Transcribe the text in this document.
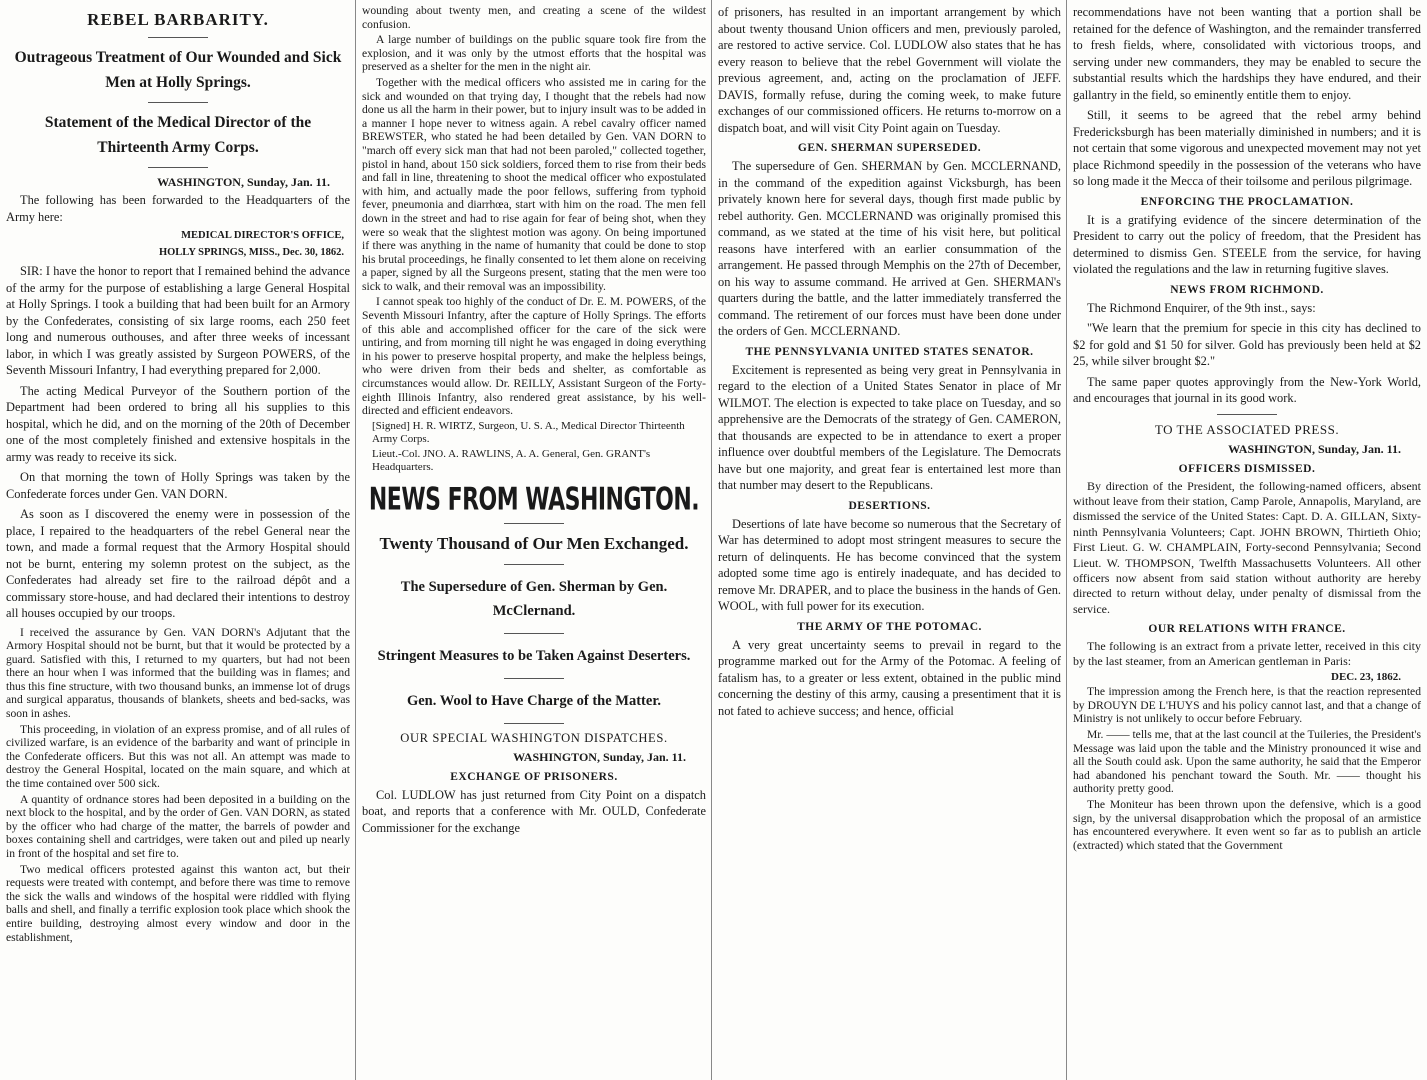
REBEL BARBARITY.
Outrageous Treatment of Our Wounded and Sick Men at Holly Springs.
Statement of the Medical Director of the Thirteenth Army Corps.
WASHINGTON, Sunday, Jan. 11.

The following has been forwarded to the Headquarters of the Army here:

MEDICAL DIRECTOR'S OFFICE,
HOLLY SPRINGS, MISS., Dec. 30, 1862.

SIR: I have the honor to report that I remained behind the advance of the army for the purpose of establishing a large General Hospital at Holly Springs. I took a building that had been built for an Armory by the Confederates, consisting of six large rooms, each 250 feet long and numerous outhouses, and after three weeks of incessant labor, in which I was greatly assisted by Surgeon POWERS, of the Seventh Missouri Infantry, I had everything prepared for 2,000.

The acting Medical Purveyor of the Southern portion of the Department had been ordered to bring all his supplies to this hospital, which he did, and on the morning of the 20th of December one of the most completely finished and extensive hospitals in the army was ready to receive its sick.

On that morning the town of Holly Springs was taken by the Confederate forces under Gen. VAN DORN.

As soon as I discovered the enemy were in possession of the place, I repaired to the headquarters of the rebel General near the town, and made a formal request that the Armory Hospital should not be burnt, entering my solemn protest on the subject, as the Confederates had already set fire to the railroad dépôt and a commissary store-house, and had declared their intentions to destroy all houses occupied by our troops.

I received the assurance by Gen. VAN DORN's Adjutant that the Armory Hospital should not be burnt, but that it would be protected by a guard. Satisfied with this, I returned to my quarters, but had not been there an hour when I was informed that the building was in flames; and thus this fine structure, with two thousand bunks, an immense lot of drugs and surgical apparatus, thousands of blankets, sheets and bed-sacks, was soon in ashes.

This proceeding, in violation of an express promise, and of all rules of civilized warfare, is an evidence of the barbarity and want of principle in the Confederate officers. But this was not all. An attempt was made to destroy the General Hospital, located on the main square, and which at the time contained over 500 sick.

A quantity of ordnance stores had been deposited in a building on the next block to the hospital, and by the order of Gen. VAN DORN, as stated by the officer who had charge of the matter, the barrels of powder and boxes containing shell and cartridges, were taken out and piled up nearly in front of the hospital and set fire to.

Two medical officers protested against this wanton act, but their requests were treated with contempt, and before there was time to remove the sick the walls and windows of the hospital were riddled with flying balls and shell, and finally a terrific explosion took place which shook the entire building, destroying almost every window and door in the establishment,

wounding about twenty men, and creating a scene of the wildest confusion.

A large number of buildings on the public square took fire from the explosion, and it was only by the utmost efforts that the hospital was preserved as a shelter for the men in the night air.

Together with the medical officers who assisted me in caring for the sick and wounded on that trying day, I thought that the rebels had now done us all the harm in their power, but to injury insult was to be added in a manner I hope never to witness again. A rebel cavalry officer named BREWSTER, who stated he had been detailed by Gen. VAN DORN to "march off every sick man that had not been paroled," collected together, pistol in hand, about 150 sick soldiers, forced them to rise from their beds and fall in line, threatening to shoot the medical officer who expostulated with him, and actually made the poor fellows, suffering from typhoid fever, pneumonia and diarrhœa, start with him on the road. The men fell down in the street and had to rise again for fear of being shot, when they were so weak that the slightest motion was agony. On being importuned if there was anything in the name of humanity that could be done to stop his brutal proceedings, he finally consented to let them alone on receiving a paper, signed by all the Surgeons present, stating that the men were too sick to walk, and their removal was an impossibility.

I cannot speak too highly of the conduct of Dr. E. M. POWERS, of the Seventh Missouri Infantry, after the capture of Holly Springs. The efforts of this able and accomplished officer for the care of the sick were untiring, and from morning till night he was engaged in doing everything in his power to preserve hospital property, and make the helpless beings, who were driven from their beds and shelter, as comfortable as circumstances would allow. Dr. REILLY, Assistant Surgeon of the Forty-eighth Illinois Infantry, also rendered great assistance, by his well-directed and efficient endeavors.

[Signed] H. R. WIRTZ, Surgeon, U. S. A., Medical Director Thirteenth Army Corps.
Lieut.-Col. JNO. A. RAWLINS, A. A. General, Gen. GRANT's Headquarters.
NEWS FROM WASHINGTON.
Twenty Thousand of Our Men Exchanged.
The Supersedure of Gen. Sherman by Gen. McClernand.
Stringent Measures to be Taken Against Deserters.
Gen. Wool to Have Charge of the Matter.
OUR SPECIAL WASHINGTON DISPATCHES.
WASHINGTON, Sunday, Jan. 11.
EXCHANGE OF PRISONERS.

Col. LUDLOW has just returned from City Point on a dispatch boat, and reports that a conference with Mr. OULD, Confederate Commissioner for the exchange

of prisoners, has resulted in an important arrangement by which about twenty thousand Union officers and men, previously paroled, are restored to active service. Col. LUDLOW also states that he has every reason to believe that the rebel Government will violate the previous agreement, and, acting on the proclamation of JEFF. DAVIS, formally refuse, during the coming week, to make future exchanges of our commissioned officers. He returns to-morrow on a dispatch boat, and will visit City Point again on Tuesday.

GEN. SHERMAN SUPERSEDED.

The supersedure of Gen. SHERMAN by Gen. MCCLERNAND, in the command of the expedition against Vicksburgh, has been privately known here for several days, though first made public by rebel authority. Gen. MCCLERNAND was originally promised this command, as we stated at the time of his visit here, but political reasons have interfered with an earlier consummation of the arrangement. He passed through Memphis on the 27th of December, on his way to assume command. He arrived at Gen. SHERMAN's quarters during the battle, and the latter immediately transferred the command. The retirement of our forces must have been done under the orders of Gen. MCCLERNAND.

THE PENNSYLVANIA UNITED STATES SENATOR.

Excitement is represented as being very great in Pennsylvania in regard to the election of a United States Senator in place of Mr WILMOT. The election is expected to take place on Tuesday, and so apprehensive are the Democrats of the strategy of Gen. CAMERON, that thousands are expected to be in attendance to exert a proper influence over doubtful members of the Legislature. The Democrats have but one majority, and great fear is entertained lest more than that number may desert to the Republicans.

DESERTIONS.

Desertions of late have become so numerous that the Secretary of War has determined to adopt most stringent measures to secure the return of delinquents. He has become convinced that the system adopted some time ago is entirely inadequate, and has decided to remove Mr. DRAPER, and to place the business in the hands of Gen. WOOL, with full power for its execution.

THE ARMY OF THE POTOMAC.

A very great uncertainty seems to prevail in regard to the programme marked out for the Army of the Potomac. A feeling of fatalism has, to a greater or less extent, obtained in the public mind concerning the destiny of this army, causing a presentiment that it is not fated to achieve success; and hence, official

recommendations have not been wanting that a portion shall be retained for the defence of Washington, and the remainder transferred to fresh fields, where, consolidated with victorious troops, and serving under new commanders, they may be enabled to secure the substantial results which the hardships they have endured, and their gallantry in the field, so eminently entitle them to enjoy.

Still, it seems to be agreed that the rebel army behind Fredericksburgh has been materially diminished in numbers; and it is not certain that some vigorous and unexpected movement may not yet place Richmond speedily in the possession of the veterans who have so long made it the Mecca of their toilsome and perilous pilgrimage.

ENFORCING THE PROCLAMATION.

It is a gratifying evidence of the sincere determination of the President to carry out the policy of freedom, that the President has determined to dismiss Gen. STEELE from the service, for having violated the regulations and the law in returning fugitive slaves.

NEWS FROM RICHMOND.

The Richmond Enquirer, of the 9th inst., says:

"We learn that the premium for specie in this city has declined to $2 for gold and $1 50 for silver. Gold has previously been held at $2 25, while silver brought $2."

The same paper quotes approvingly from the New-York World, and encourages that journal in its good work.

TO THE ASSOCIATED PRESS.
WASHINGTON, Sunday, Jan. 11.
OFFICERS DISMISSED.

By direction of the President, the following-named officers, absent without leave from their station, Camp Parole, Annapolis, Maryland, are dismissed the service of the United States: Capt. D. A. GILLAN, Sixty-ninth Pennsylvania Volunteers; Capt. JOHN BROWN, Thirtieth Ohio; First Lieut. G. W. CHAMPLAIN, Forty-second Pennsylvania; Second Lieut. W. THOMPSON, Twelfth Massachusetts Volunteers. All other officers now absent from said station without authority are hereby directed to return without delay, under penalty of dismissal from the service.

OUR RELATIONS WITH FRANCE.

The following is an extract from a private letter, received in this city by the last steamer, from an American gentleman in Paris:

DEC. 23, 1862.

The impression among the French here, is that the reaction represented by DROUYN DE L'HUYS and his policy cannot last, and that a change of Ministry is not unlikely to occur before February.

Mr. —— tells me, that at the last council at the Tuileries, the President's Message was laid upon the table and the Ministry pronounced it wise and all the South could ask. Upon the same authority, he said that the Emperor had abandoned his penchant toward the South. Mr. —— thought his authority pretty good.

The Moniteur has been thrown upon the defensive, which is a good sign, by the universal disapprobation which the proposal of an armistice has encountered everywhere. It even went so far as to publish an article (extracted) which stated that the Government
